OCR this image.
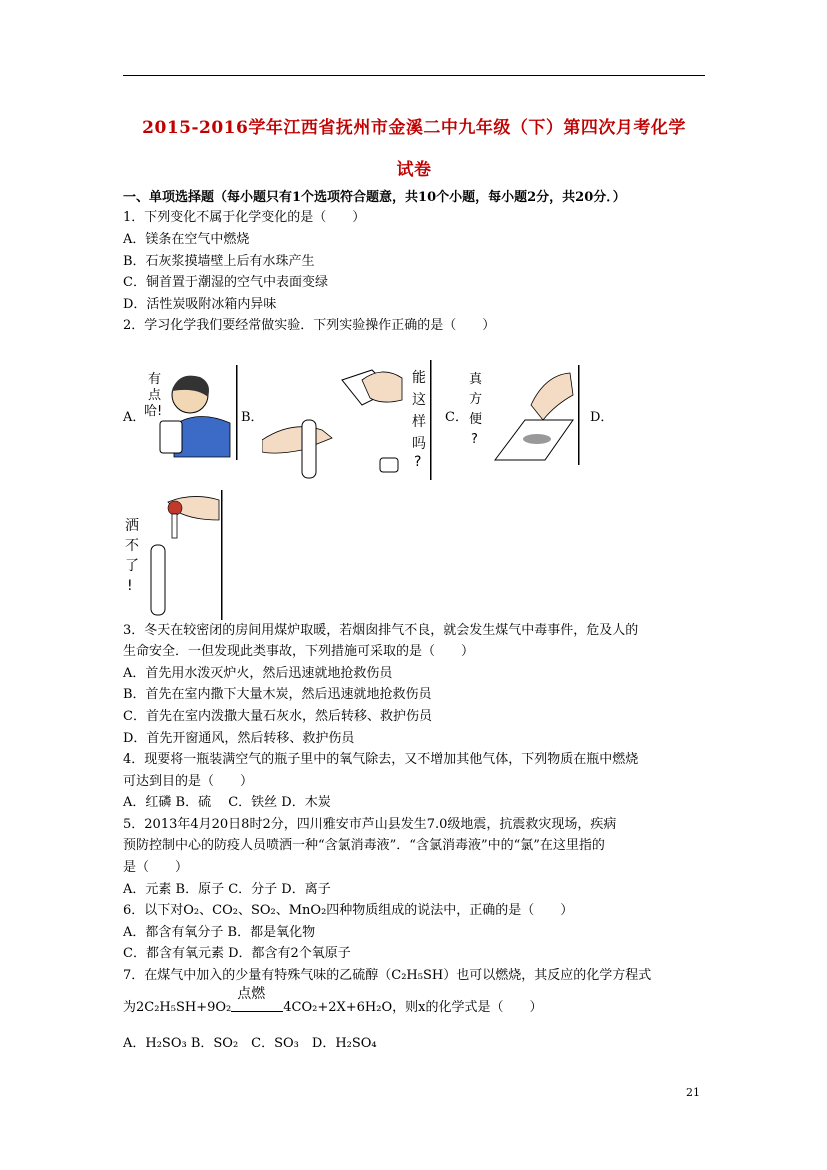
2015-2016学年江西省抚州市金溪二中九年级（下）第四次月考化学
试卷
一、单项选择题（每小题只有1个选项符合题意，共10个小题，每小题2分，共20分．）
1．下列变化不属于化学变化的是（　　）
A．镁条在空气中燃烧
B．石灰浆摸墙壁上后有水珠产生
C．铜首置于潮湿的空气中表面变绿
D．活性炭吸附冰箱内异味
2．学习化学我们要经常做实验．下列实验操作正确的是（　　）
A．
有
点
哈!	B．
能
这
样
吗
?
C．
真
方
便
?
D．
洒
不
了
!
3．冬天在较密闭的房间用煤炉取暖，若烟囱排气不良，就会发生煤气中毒事件，危及人的
生命安全．一但发现此类事故，下列措施可采取的是（　　）
A．首先用水泼灭炉火，然后迅速就地抢救伤员
B．首先在室内撒下大量木炭，然后迅速就地抢救伤员
C．首先在室内泼撒大量石灰水，然后转移、救护伤员
D．首先开窗通风，然后转移、救护伤员
4．现要将一瓶装满空气的瓶子里中的氧气除去，又不增加其他气体，下列物质在瓶中燃烧
可达到目的是（　　）
A．红磷 B．硫　 C．铁丝 D．木炭
5．2013年4月20日8时2分，四川雅安市芦山县发生7.0级地震，抗震救灾现场，疾病
预防控制中心的防疫人员喷洒一种“含氯消毒液”．“含氯消毒液”中的“氯”在这里指的
是（　　）
A．元素 B．原子 C．分子 D．离子
6．以下对O₂、CO₂、SO₂、MnO₂四种物质组成的说法中，正确的是（　　）
A．都含有氧分子 B．都是氧化物
C．都含有氧元素 D．都含有2个氧原子
7．在煤气中加入的少量有特殊气味的乙硫醇（C₂H₅SH）也可以燃烧，其反应的化学方程式
为2C₂H₅SH+9O₂
点燃
4CO₂+2X+6H₂O，则x的化学式是（　　）
A．H₂SO₃ B．SO₂　C．SO₃　D．H₂SO₄
21
